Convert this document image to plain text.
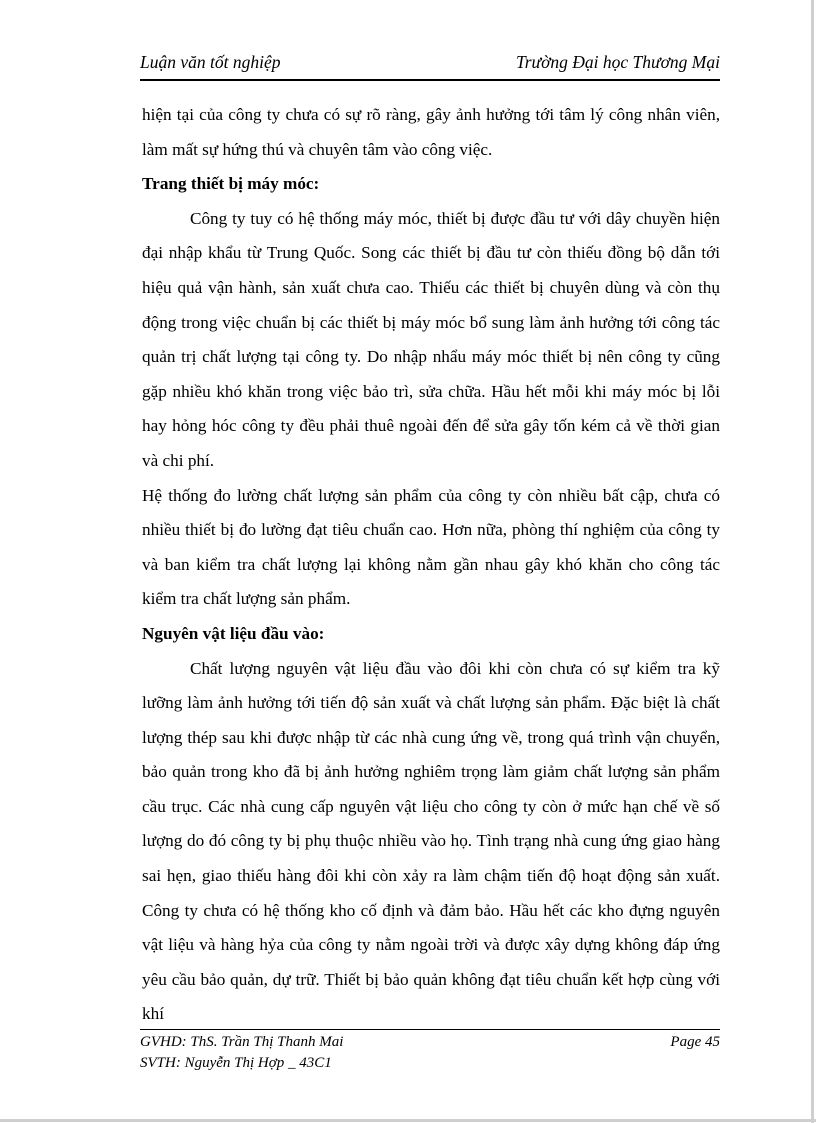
Luận văn tốt nghiệp	Trường Đại học Thương Mại

hiện tại của công ty chưa có sự rõ ràng, gây ảnh hưởng tới tâm lý công nhân viên, làm mất sự hứng thú và chuyên tâm vào công việc.

Trang thiết bị máy móc:

Công ty tuy có hệ thống máy móc, thiết bị được đầu tư với dây chuyền hiện đại nhập khẩu từ Trung Quốc. Song các thiết bị đầu tư còn thiếu đồng bộ dẫn tới hiệu quả vận hành, sản xuất chưa cao. Thiếu các thiết bị chuyên dùng và còn thụ động trong việc chuẩn bị các thiết bị máy móc bổ sung làm ảnh hưởng tới công tác quản trị chất lượng tại công ty. Do nhập nhẩu máy móc thiết bị nên công ty cũng gặp nhiều khó khăn trong việc bảo trì, sửa chữa. Hầu hết mỗi khi máy móc bị lỗi hay hỏng hóc công ty đều phải thuê ngoài đến để sửa gây tốn kém cả về thời gian và chi phí.

Hệ thống đo lường chất lượng sản phẩm của công ty còn nhiều bất cập, chưa có nhiều thiết bị đo lường đạt tiêu chuẩn cao. Hơn nữa, phòng thí nghiệm của công ty và ban kiểm tra chất lượng lại không nằm gần nhau gây khó khăn cho công tác kiểm tra chất lượng sản phẩm.

Nguyên vật liệu đầu vào:

Chất lượng nguyên vật liệu đầu vào đôi khi còn chưa có sự kiểm tra kỹ lưỡng làm ảnh hưởng tới tiến độ sản xuất và chất lượng sản phẩm. Đặc biệt là chất lượng thép sau khi được nhập từ các nhà cung ứng về, trong quá trình vận chuyển, bảo quản trong kho đã bị ảnh hưởng nghiêm trọng làm giảm chất lượng sản phẩm cầu trục. Các nhà cung cấp nguyên vật liệu cho công ty còn ở mức hạn chế về số lượng do đó công ty bị phụ thuộc nhiều vào họ. Tình trạng nhà cung ứng giao hàng sai hẹn, giao thiếu hàng đôi khi còn xảy ra làm chậm tiến độ hoạt động sản xuất. Công ty chưa có hệ thống kho cố định và đảm bảo. Hầu hết các kho đựng nguyên vật liệu và hàng hỷa của công ty nằm ngoài trời và được xây dựng không đáp ứng yêu cầu bảo quản, dự trữ. Thiết bị bảo quản không đạt tiêu chuẩn kết hợp cùng với khí

GVHD: ThS. Trần Thị Thanh Mai
SVTH: Nguyễn Thị Hợp _ 43C1
Page 45
